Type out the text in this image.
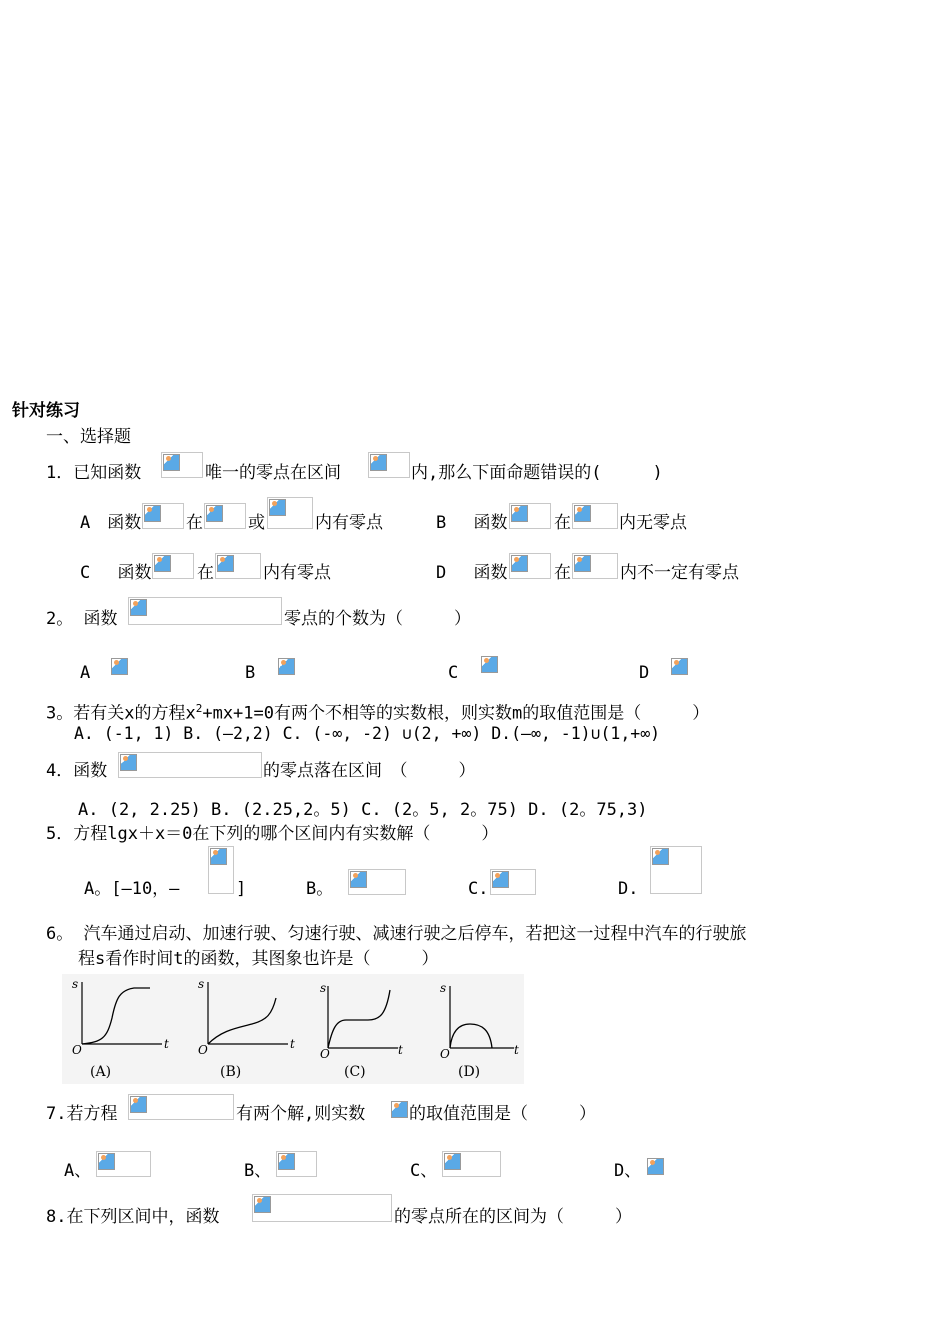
针对练习
一、选择题
1．已知函数	唯一的零点在区间	内,那么下面命题错误的(　　　)
A　函数	在	或	内有零点	B　 函数	在	内无零点
C　 函数	在	内有零点	D　 函数	在	内不一定有零点
2。 函数	零点的个数为（　　　）
A	B	C	D
3。若有关x的方程$x^2+mx+1=0$有两个不相等的实数根，则实数m的取值范围是（　　　）
A. (-1, 1) B. (—2,2) C. (-∞, -2) ∪(2, +∞) D.(—∞, -1)∪(1,+∞)
4．函数	的零点落在区间　（　　　）
A. (2, 2.25) B. (2.25,2。5) C. (2。5, 2。75) D. (2。75,3)
5．方程lgx＋x＝0在下列的哪个区间内有实数解（　　　）
A。[—10，—	]	B。	C.	D.
6。 汽车通过启动、加速行驶、匀速行驶、减速行驶之后停车，若把这一过程中汽车的行驶旅
程s看作时间t的函数，其图象也许是（　　　）
s
O	t
(A)
s
O	t
(B)
s
O	t
(C)
s
O	t
(D)
7.若方程	有两个解,则实数	的取值范围是（　　　）
A、	B、	C、	D、
8.在下列区间中，函数	的零点所在的区间为（　　　）
